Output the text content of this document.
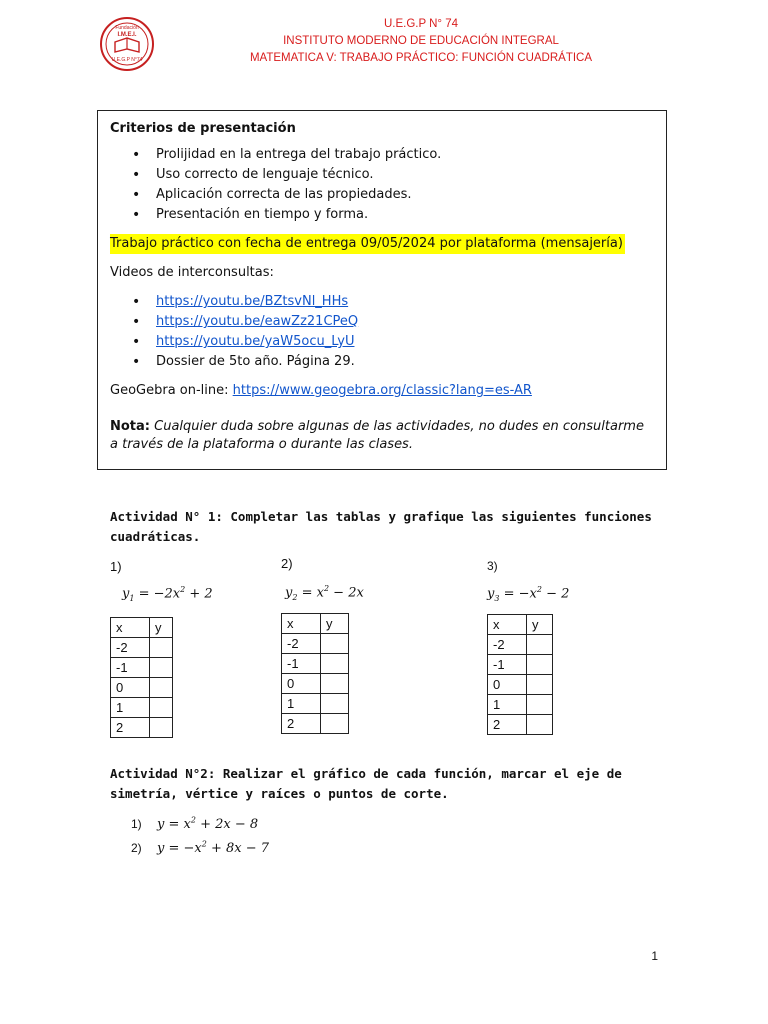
Fundación
I.M.E.I.
U.E.G.P N°74
U.E.G.P N° 74
INSTITUTO MODERNO DE EDUCACIÓN INTEGRAL
MATEMATICA V: TRABAJO PRÁCTICO: FUNCIÓN CUADRÁTICA
Criterios de presentación
• Prolijidad en la entrega del trabajo práctico.
• Uso correcto de lenguaje técnico.
• Aplicación correcta de las propiedades.
• Presentación en tiempo y forma.
Trabajo práctico con fecha de entrega 09/05/2024 por plataforma (mensajería)
Videos de interconsultas:
• https://youtu.be/BZtsvNl_HHs
• https://youtu.be/eawZz21CPeQ
• https://youtu.be/yaW5ocu_LyU
• Dossier de 5to año. Página 29.
GeoGebra on-line: https://www.geogebra.org/classic?lang=es-AR
Nota: Cualquier duda sobre algunas de las actividades, no dudes en consultarme a través de la plataforma o durante las clases.
Actividad N° 1: Completar las tablas y grafique las siguientes funciones cuadráticas.
1)
$y_1 = -2x^2 + 2$
x	y
-2	
-1	
0	
1	
2	
2)
$y_2 = x^2 - 2x$
x	y
-2	
-1	
0	
1	
2	
3)
$y_3 = -x^2 - 2$
x	y
-2	
-1	
0	
1	
2	
Actividad N°2: Realizar el gráfico de cada función, marcar el eje de simetría, vértice y raíces o puntos de corte.
1) $y = x^2 + 2x - 8$
2) $y = -x^2 + 8x - 7$
1
